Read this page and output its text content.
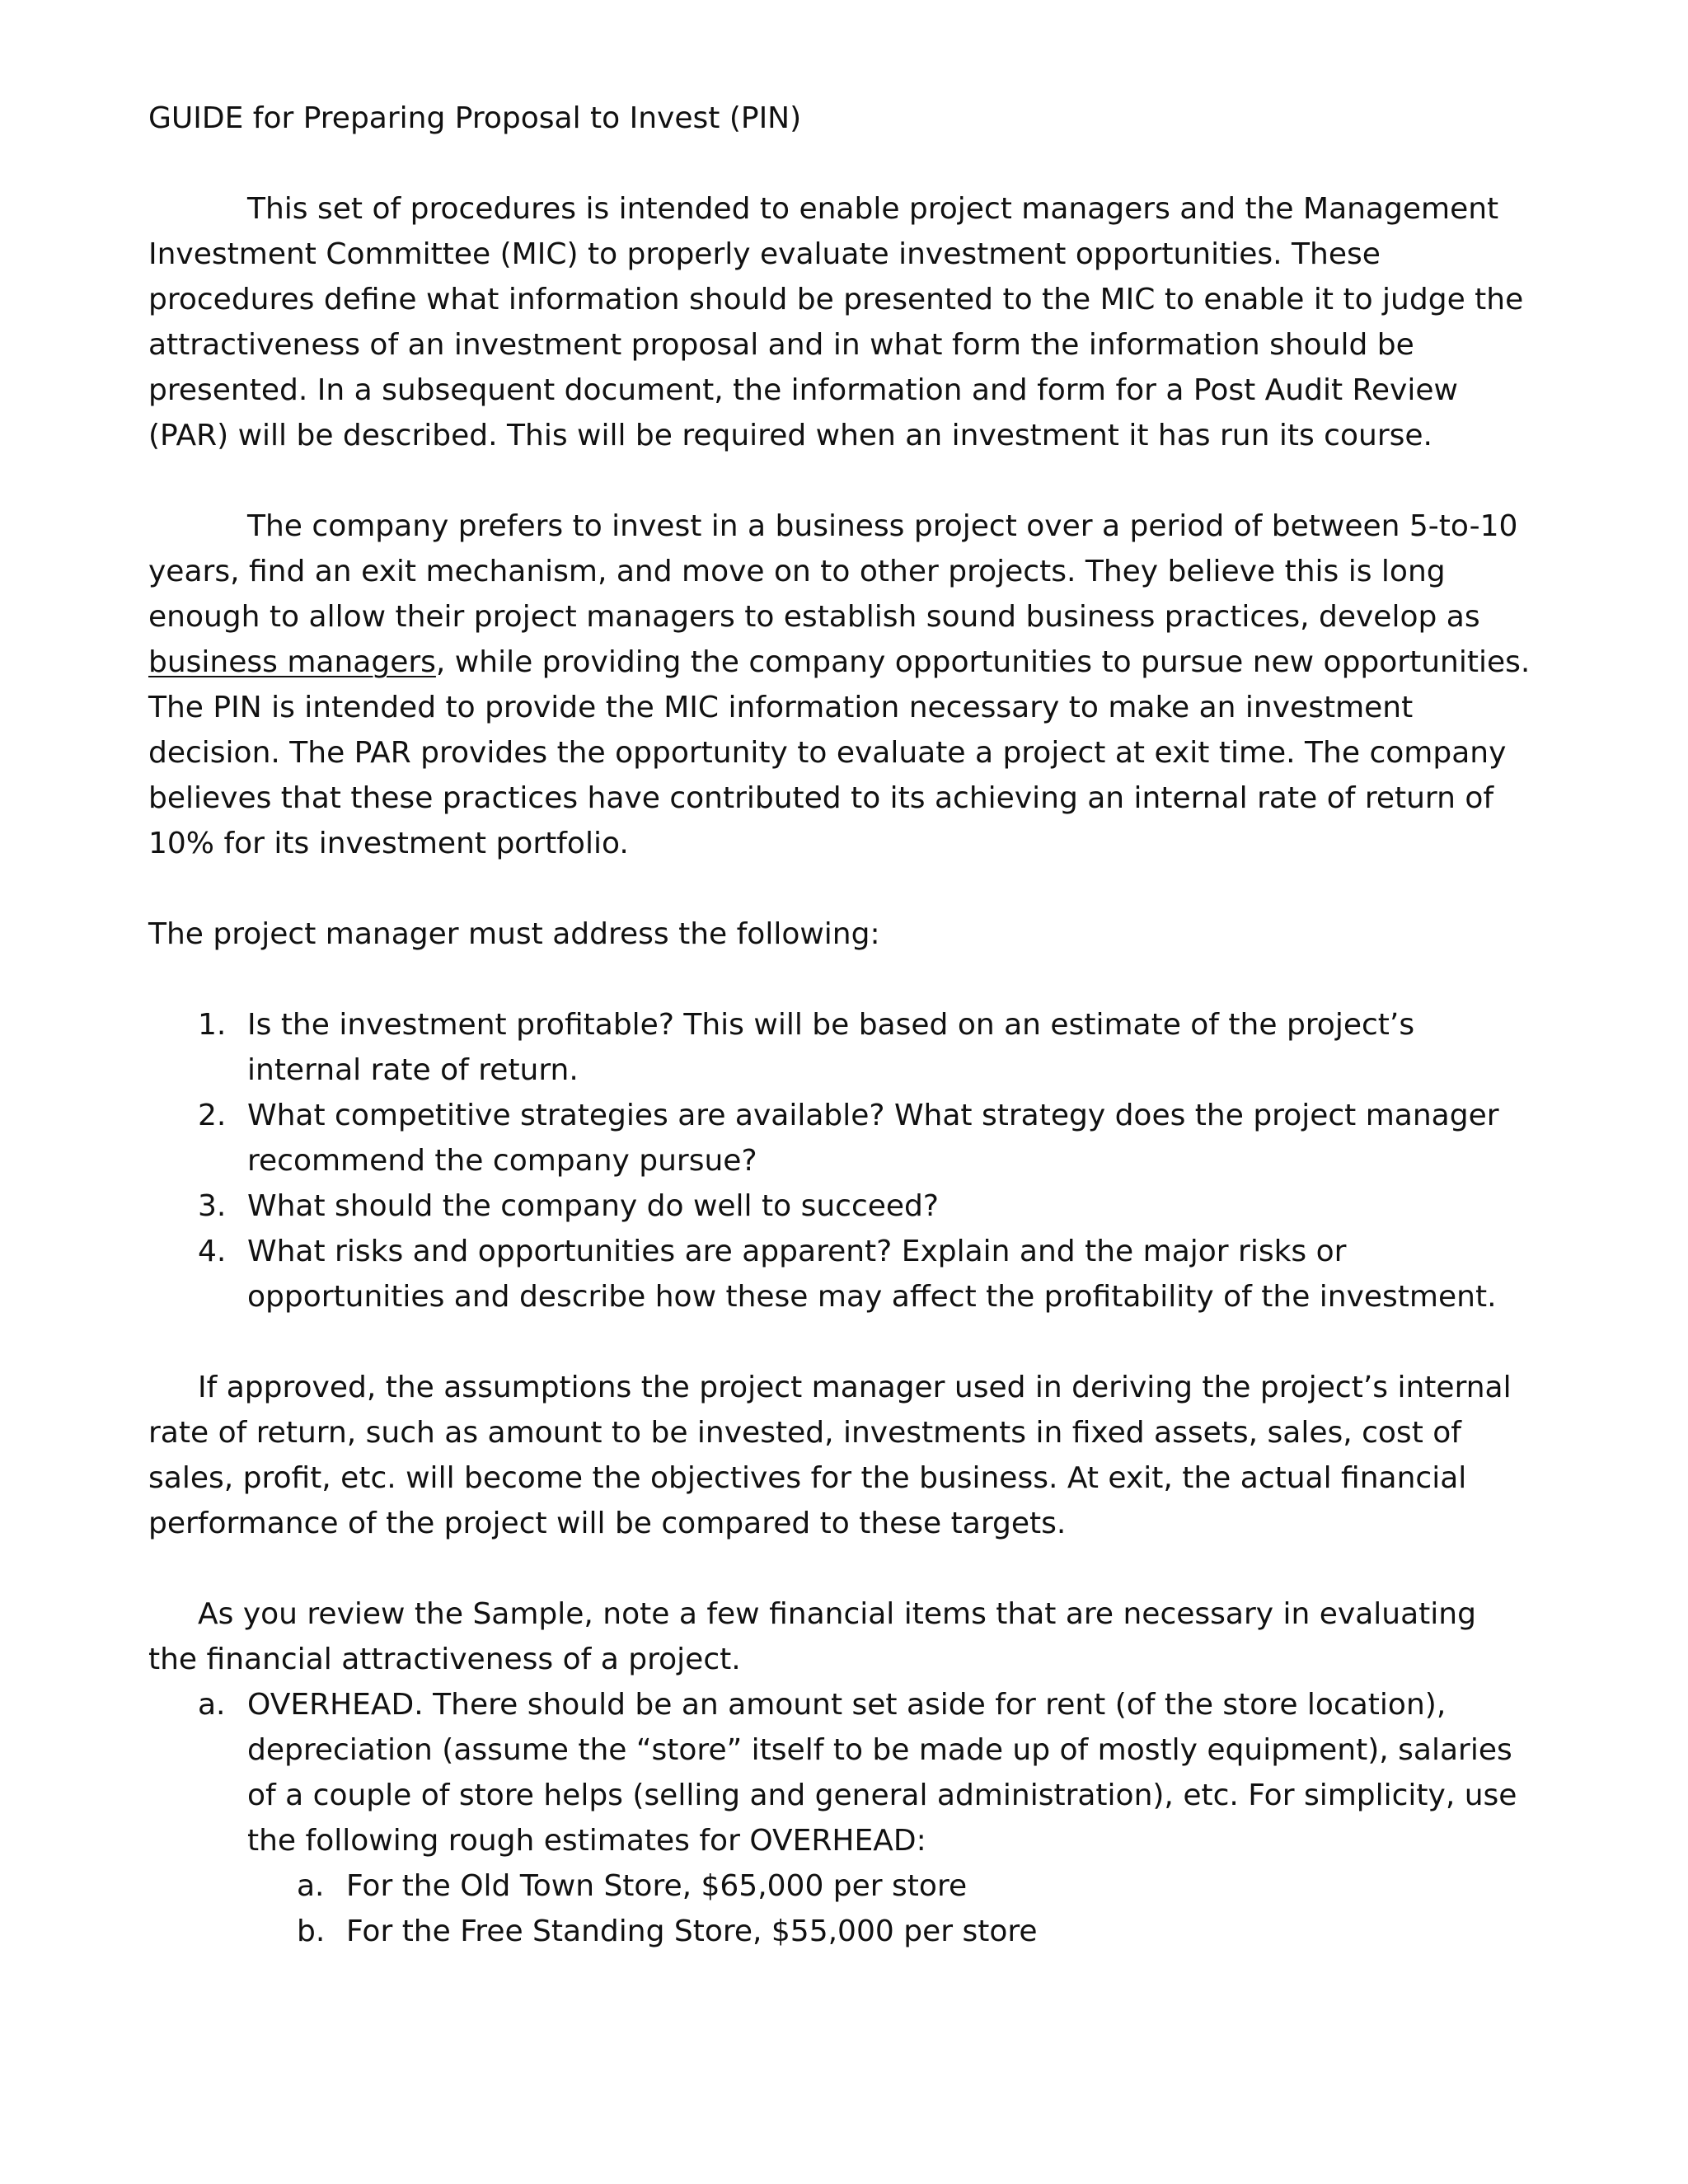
GUIDE for Preparing Proposal to Invest (PIN)

This set of procedures is intended to enable project managers and the Management Investment Committee (MIC) to properly evaluate investment opportunities. These procedures define what information should be presented to the MIC to enable it to judge the attractiveness of an investment proposal and in what form the information should be presented. In a subsequent document, the information and form for a Post Audit Review (PAR) will be described. This will be required when an investment it has run its course.

The company prefers to invest in a business project over a period of between 5-to-10 years, find an exit mechanism, and move on to other projects. They believe this is long enough to allow their project managers to establish sound business practices, develop as business managers, while providing the company opportunities to pursue new opportunities. The PIN is intended to provide the MIC information necessary to make an investment decision. The PAR provides the opportunity to evaluate a project at exit time. The company believes that these practices have contributed to its achieving an internal rate of return of 10% for its investment portfolio.

The project manager must address the following:

1. Is the investment profitable? This will be based on an estimate of the project’s internal rate of return.
2. What competitive strategies are available? What strategy does the project manager recommend the company pursue?
3. What should the company do well to succeed?
4. What risks and opportunities are apparent? Explain and the major risks or opportunities and describe how these may affect the profitability of the investment.

If approved, the assumptions the project manager used in deriving the project’s internal rate of return, such as amount to be invested, investments in fixed assets, sales, cost of sales, profit, etc. will become the objectives for the business. At exit, the actual financial performance of the project will be compared to these targets.

As you review the Sample, note a few financial items that are necessary in evaluating the financial attractiveness of a project.

a. OVERHEAD. There should be an amount set aside for rent (of the store location), depreciation (assume the “store” itself to be made up of mostly equipment), salaries of a couple of store helps (selling and general administration), etc. For simplicity, use the following rough estimates for OVERHEAD:
a. For the Old Town Store, $65,000 per store
b. For the Free Standing Store, $55,000 per store
